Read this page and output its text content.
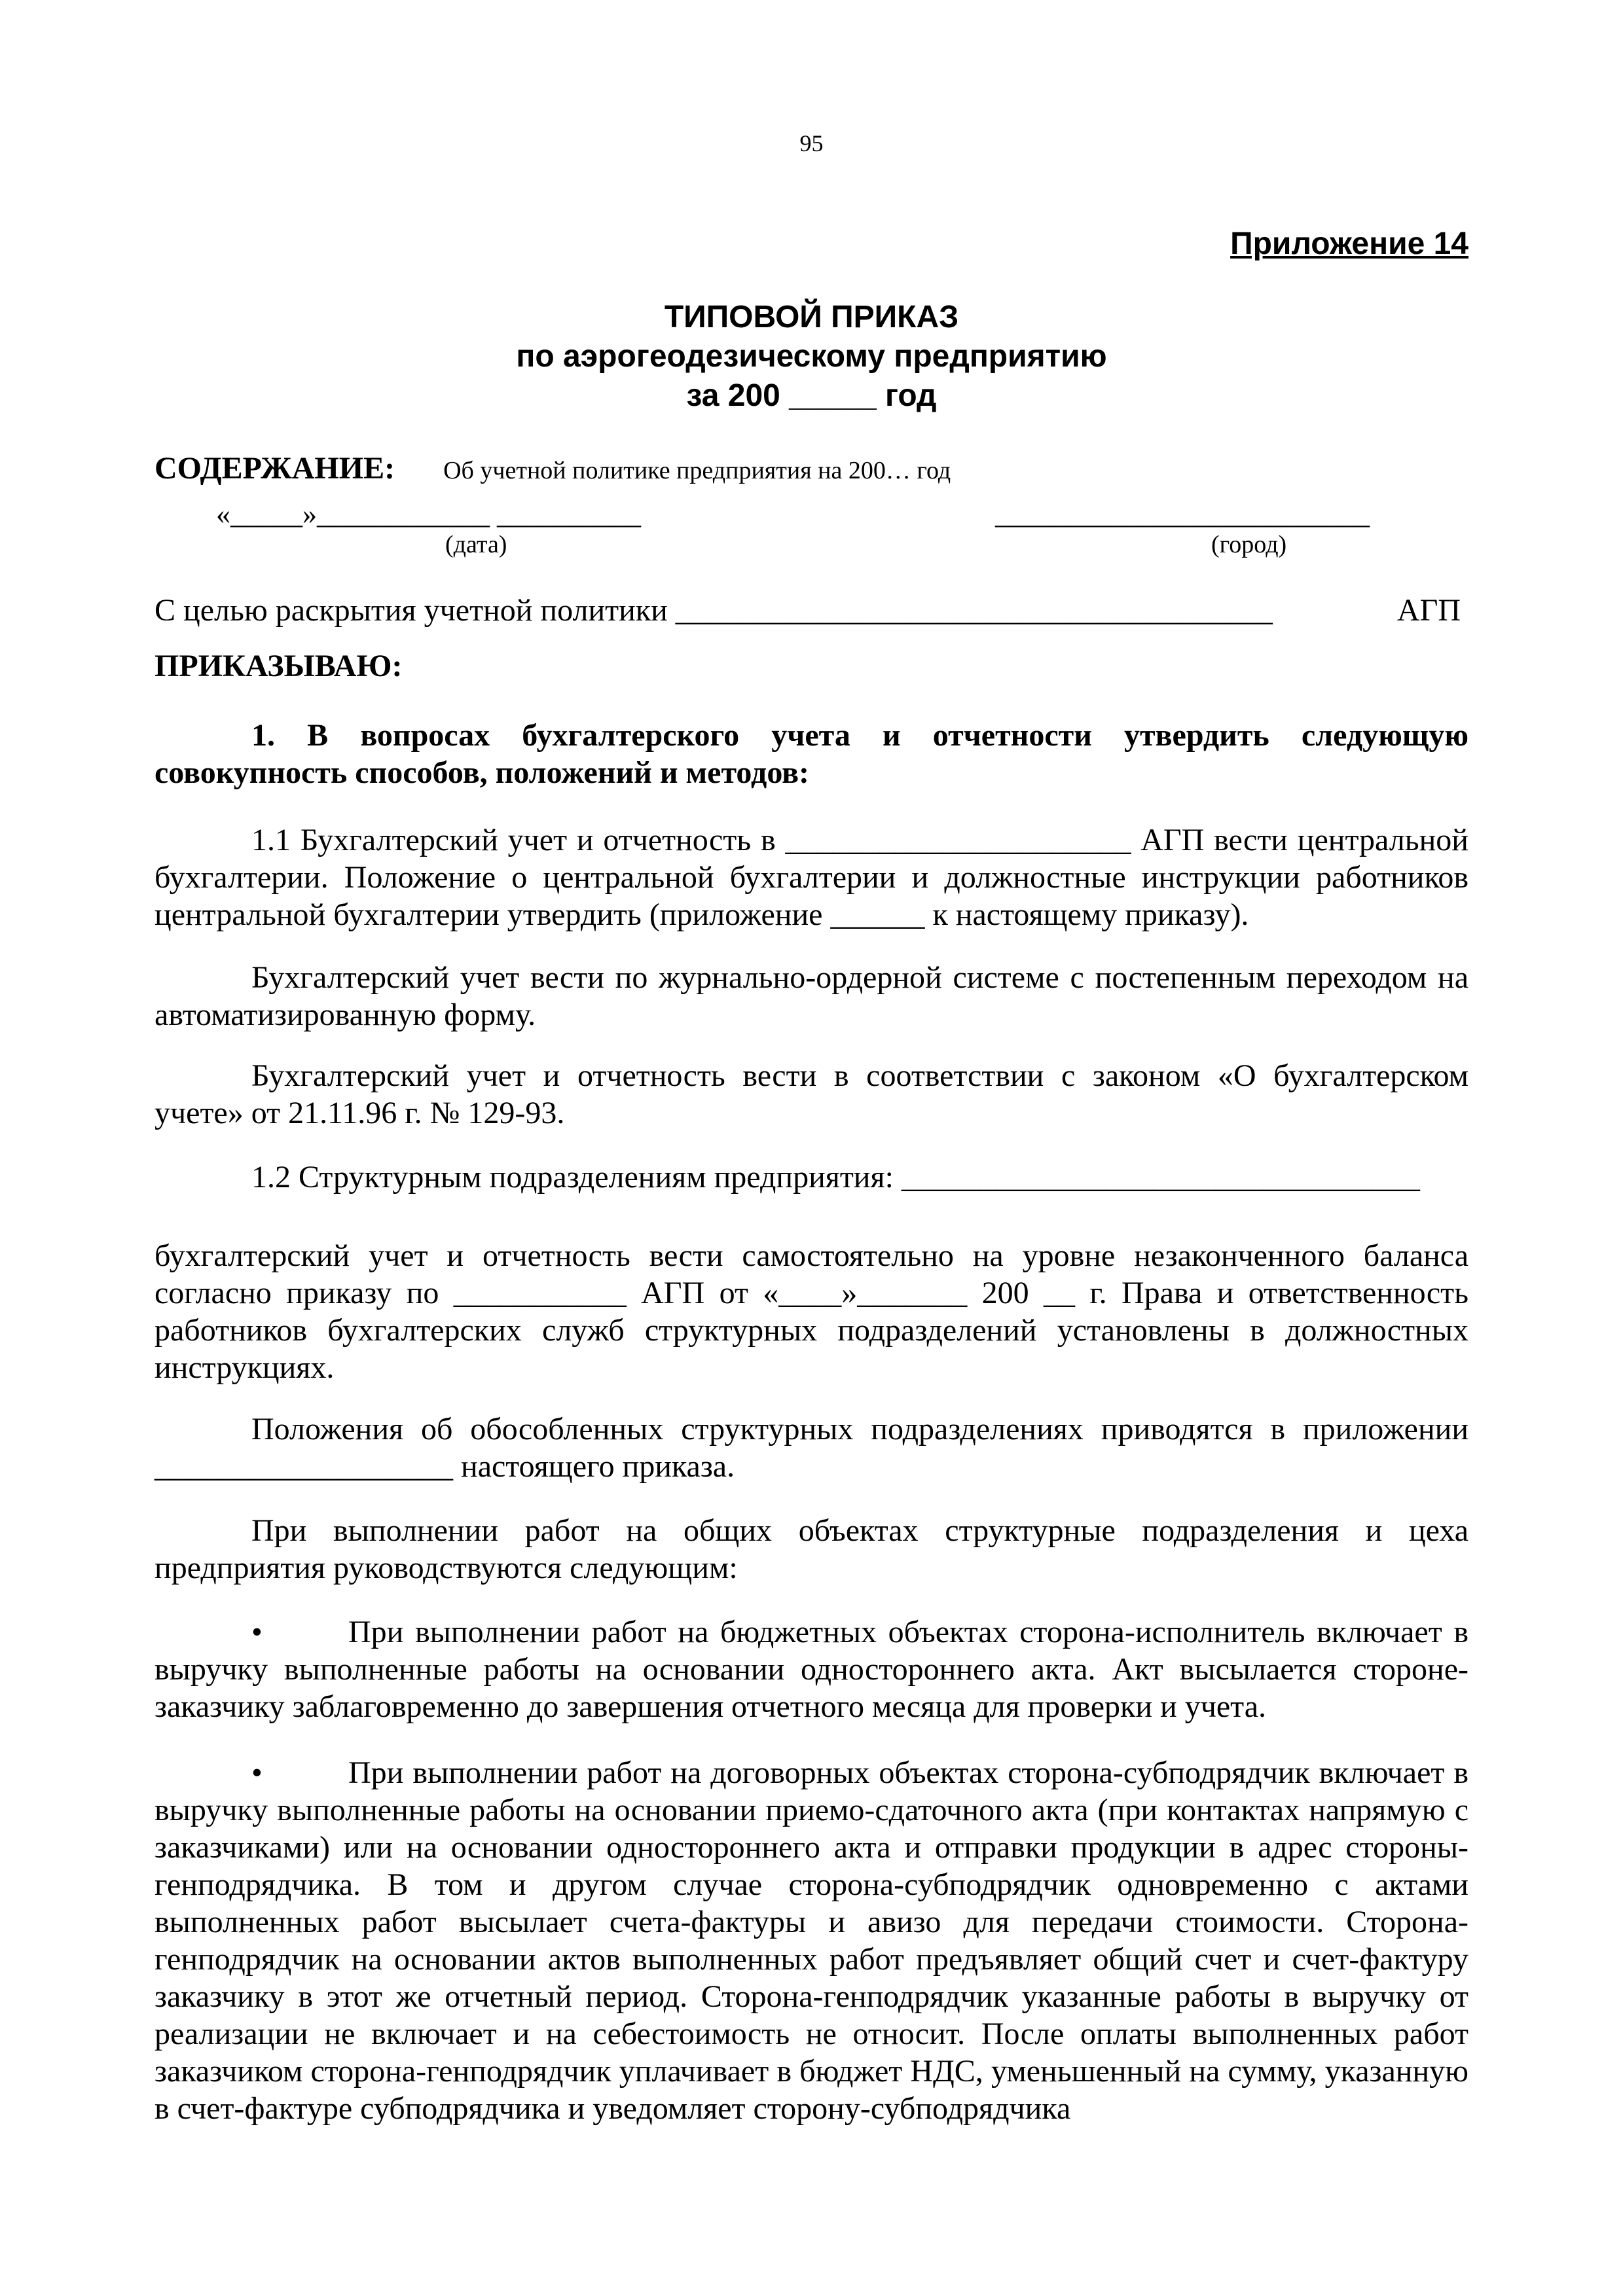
95
Приложение 14
ТИПОВОЙ ПРИКАЗ
по аэрогеодезическому предприятию
за 200 _____ год
СОДЕРЖАНИЕ: Об учетной политике предприятия на 200… год
«_____»____________ __________	__________________________
(дата)	(город)
С целью раскрытия учетной политики ______________________________________	АГП
ПРИКАЗЫВАЮ:

1. В вопросах бухгалтерского учета и отчетности утвердить следующую совокупность способов, положений и методов:

1.1 Бухгалтерский учет и отчетность в ______________________ АГП вести центральной бухгалтерии. Положение о центральной бухгалтерии и должностные инструкции работников центральной бухгалтерии утвердить (приложение ______ к настоящему приказу).

Бухгалтерский учет вести по журнально-ордерной системе с постепенным переходом на автоматизированную форму.

Бухгалтерский учет и отчетность вести в соответствии с законом «О бухгалтерском учете» от 21.11.96 г. № 129-93.

1.2 Структурным подразделениям предприятия: _________________________________

бухгалтерский учет и отчетность вести самостоятельно на уровне незаконченного баланса согласно приказу по ___________ АГП от «____»_______ 200 __ г. Права и ответственность работников бухгалтерских служб структурных подразделений установлены в должностных инструкциях.

Положения об обособленных структурных подразделениях приводятся в приложении ___________________ настоящего приказа.

При выполнении работ на общих объектах структурные подразделения и цеха предприятия руководствуются следующим:

•	При выполнении работ на бюджетных объектах сторона-исполнитель включает в выручку выполненные работы на основании одностороннего акта. Акт высылается стороне-заказчику заблаговременно до завершения отчетного месяца для проверки и учета.

•	При выполнении работ на договорных объектах сторона-субподрядчик включает в выручку выполненные работы на основании приемо-сдаточного акта (при контактах напрямую с заказчиками) или на основании одностороннего акта и отправки продукции в адрес стороны-генподрядчика. В том и другом случае сторона-субподрядчик одновременно с актами выполненных работ высылает счета-фактуры и авизо для передачи стоимости. Сторона-генподрядчик на основании актов выполненных работ предъявляет общий счет и счет-фактуру заказчику в этот же отчетный период. Сторона-генподрядчик указанные работы в выручку от реализации не включает и на себестоимость не относит. После оплаты выполненных работ заказчиком сторона-генподрядчик уплачивает в бюджет НДС, уменьшенный на сумму, указанную в счет-фактуре субподрядчика и уведомляет сторону-субподрядчика
